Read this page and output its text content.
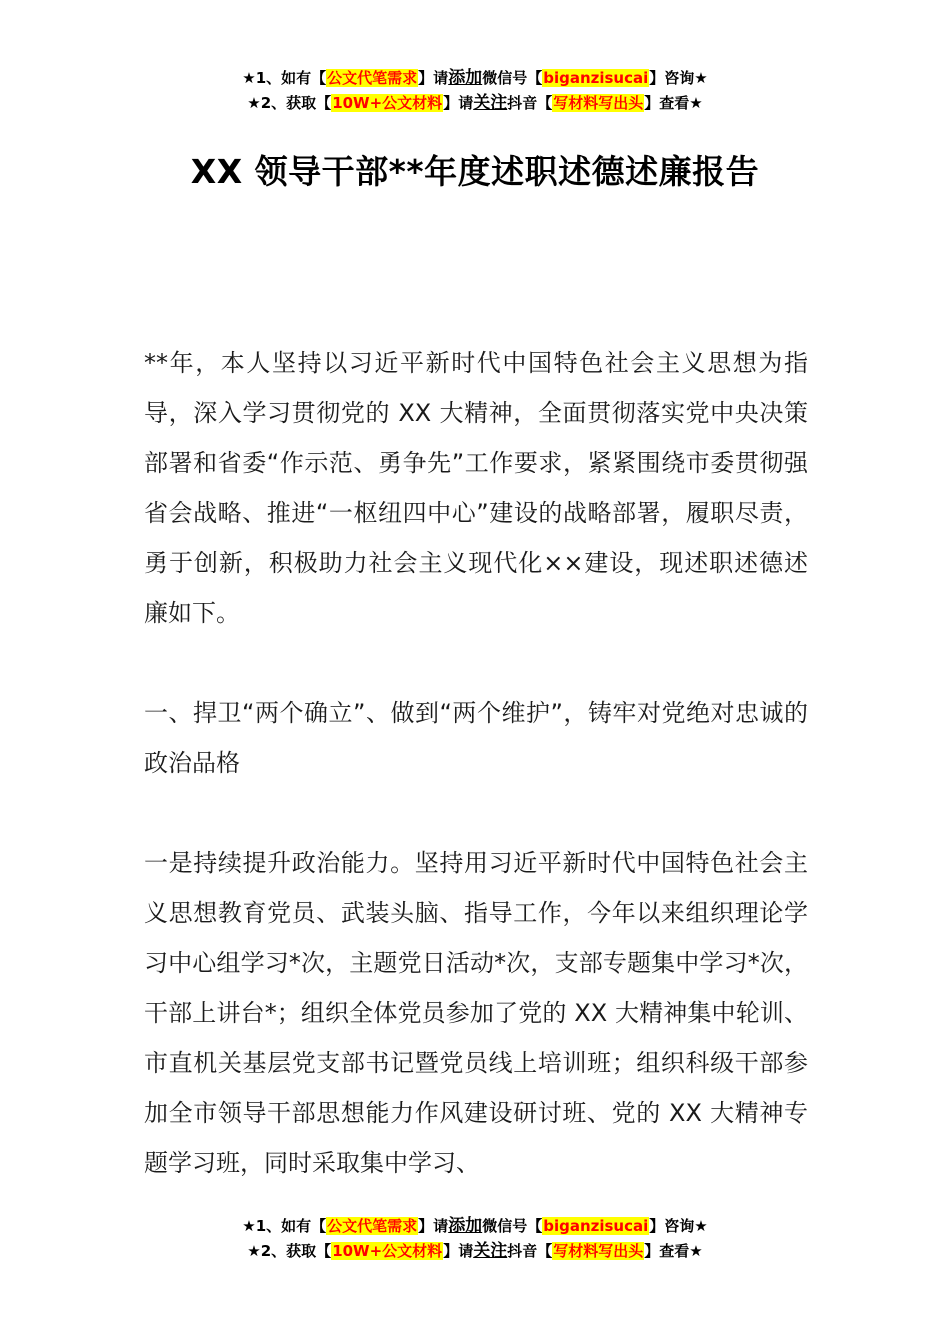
★1、如有【公文代笔需求】请添加微信号【biganzisucai】咨询★
★2、获取【10W+公文材料】请关注抖音【写材料写出头】查看★
XX 领导干部**年度述职述德述廉报告

**年，本人坚持以习近平新时代中国特色社会主义思想为指导，深入学习贯彻党的 XX 大精神，全面贯彻落实党中央决策部署和省委“作示范、勇争先”工作要求，紧紧围绕市委贯彻强省会战略、推进“一枢纽四中心”建设的战略部署，履职尽责，勇于创新，积极助力社会主义现代化××建设，现述职述德述廉如下。

一、捍卫“两个确立”、做到“两个维护”，铸牢对党绝对忠诚的政治品格

一是持续提升政治能力。坚持用习近平新时代中国特色社会主义思想教育党员、武装头脑、指导工作，今年以来组织理论学习中心组学习*次，主题党日活动*次，支部专题集中学习*次，干部上讲台*；组织全体党员参加了党的 XX 大精神集中轮训、市直机关基层党支部书记暨党员线上培训班；组织科级干部参加全市领导干部思想能力作风建设研讨班、党的 XX 大精神专题学习班，同时采取集中学习、

★1、如有【公文代笔需求】请添加微信号【biganzisucai】咨询★
★2、获取【10W+公文材料】请关注抖音【写材料写出头】查看★
